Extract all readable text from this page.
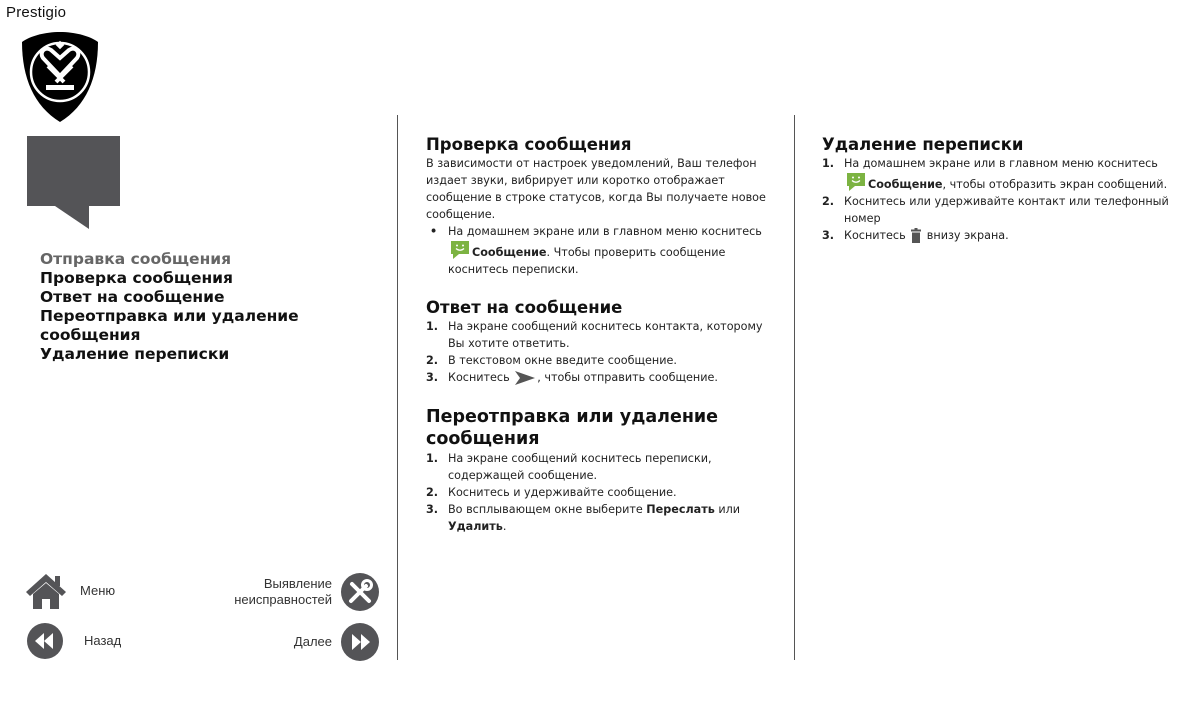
Prestigio
Отправка сообщения
Проверка сообщения
Ответ на сообщение
Переотправка или удаление
сообщения
Удаление переписки
Меню	Выявление
неисправностей
Назад	Далее
Проверка сообщения

В зависимости от настроек уведомлений, Ваш телефон издает звуки, вибрирует или коротко отображает сообщение в строке статусов, когда Вы получаете новое сообщение.

• На домашнем экране или в главном меню коснитесь Сообщение. Чтобы проверить сообщение коснитесь переписки.
Ответ на сообщение
1. На экране сообщений коснитесь контакта, которому Вы хотите ответить.
2. В текстовом окне введите сообщение.
3. Коснитесь , чтобы отправить сообщение.
Переотправка или удаление сообщения
1. На экране сообщений коснитесь переписки, содержащей сообщение.
2. Коснитесь и удерживайте сообщение.
3. Во всплывающем окне выберите Переслать или Удалить.
Удаление переписки
1. На домашнем экране или в главном меню коснитесь Сообщение, чтобы отобразить экран сообщений.
2. Коснитесь или удерживайте контакт или телефонный номер
3. Коснитесь  внизу экрана.
